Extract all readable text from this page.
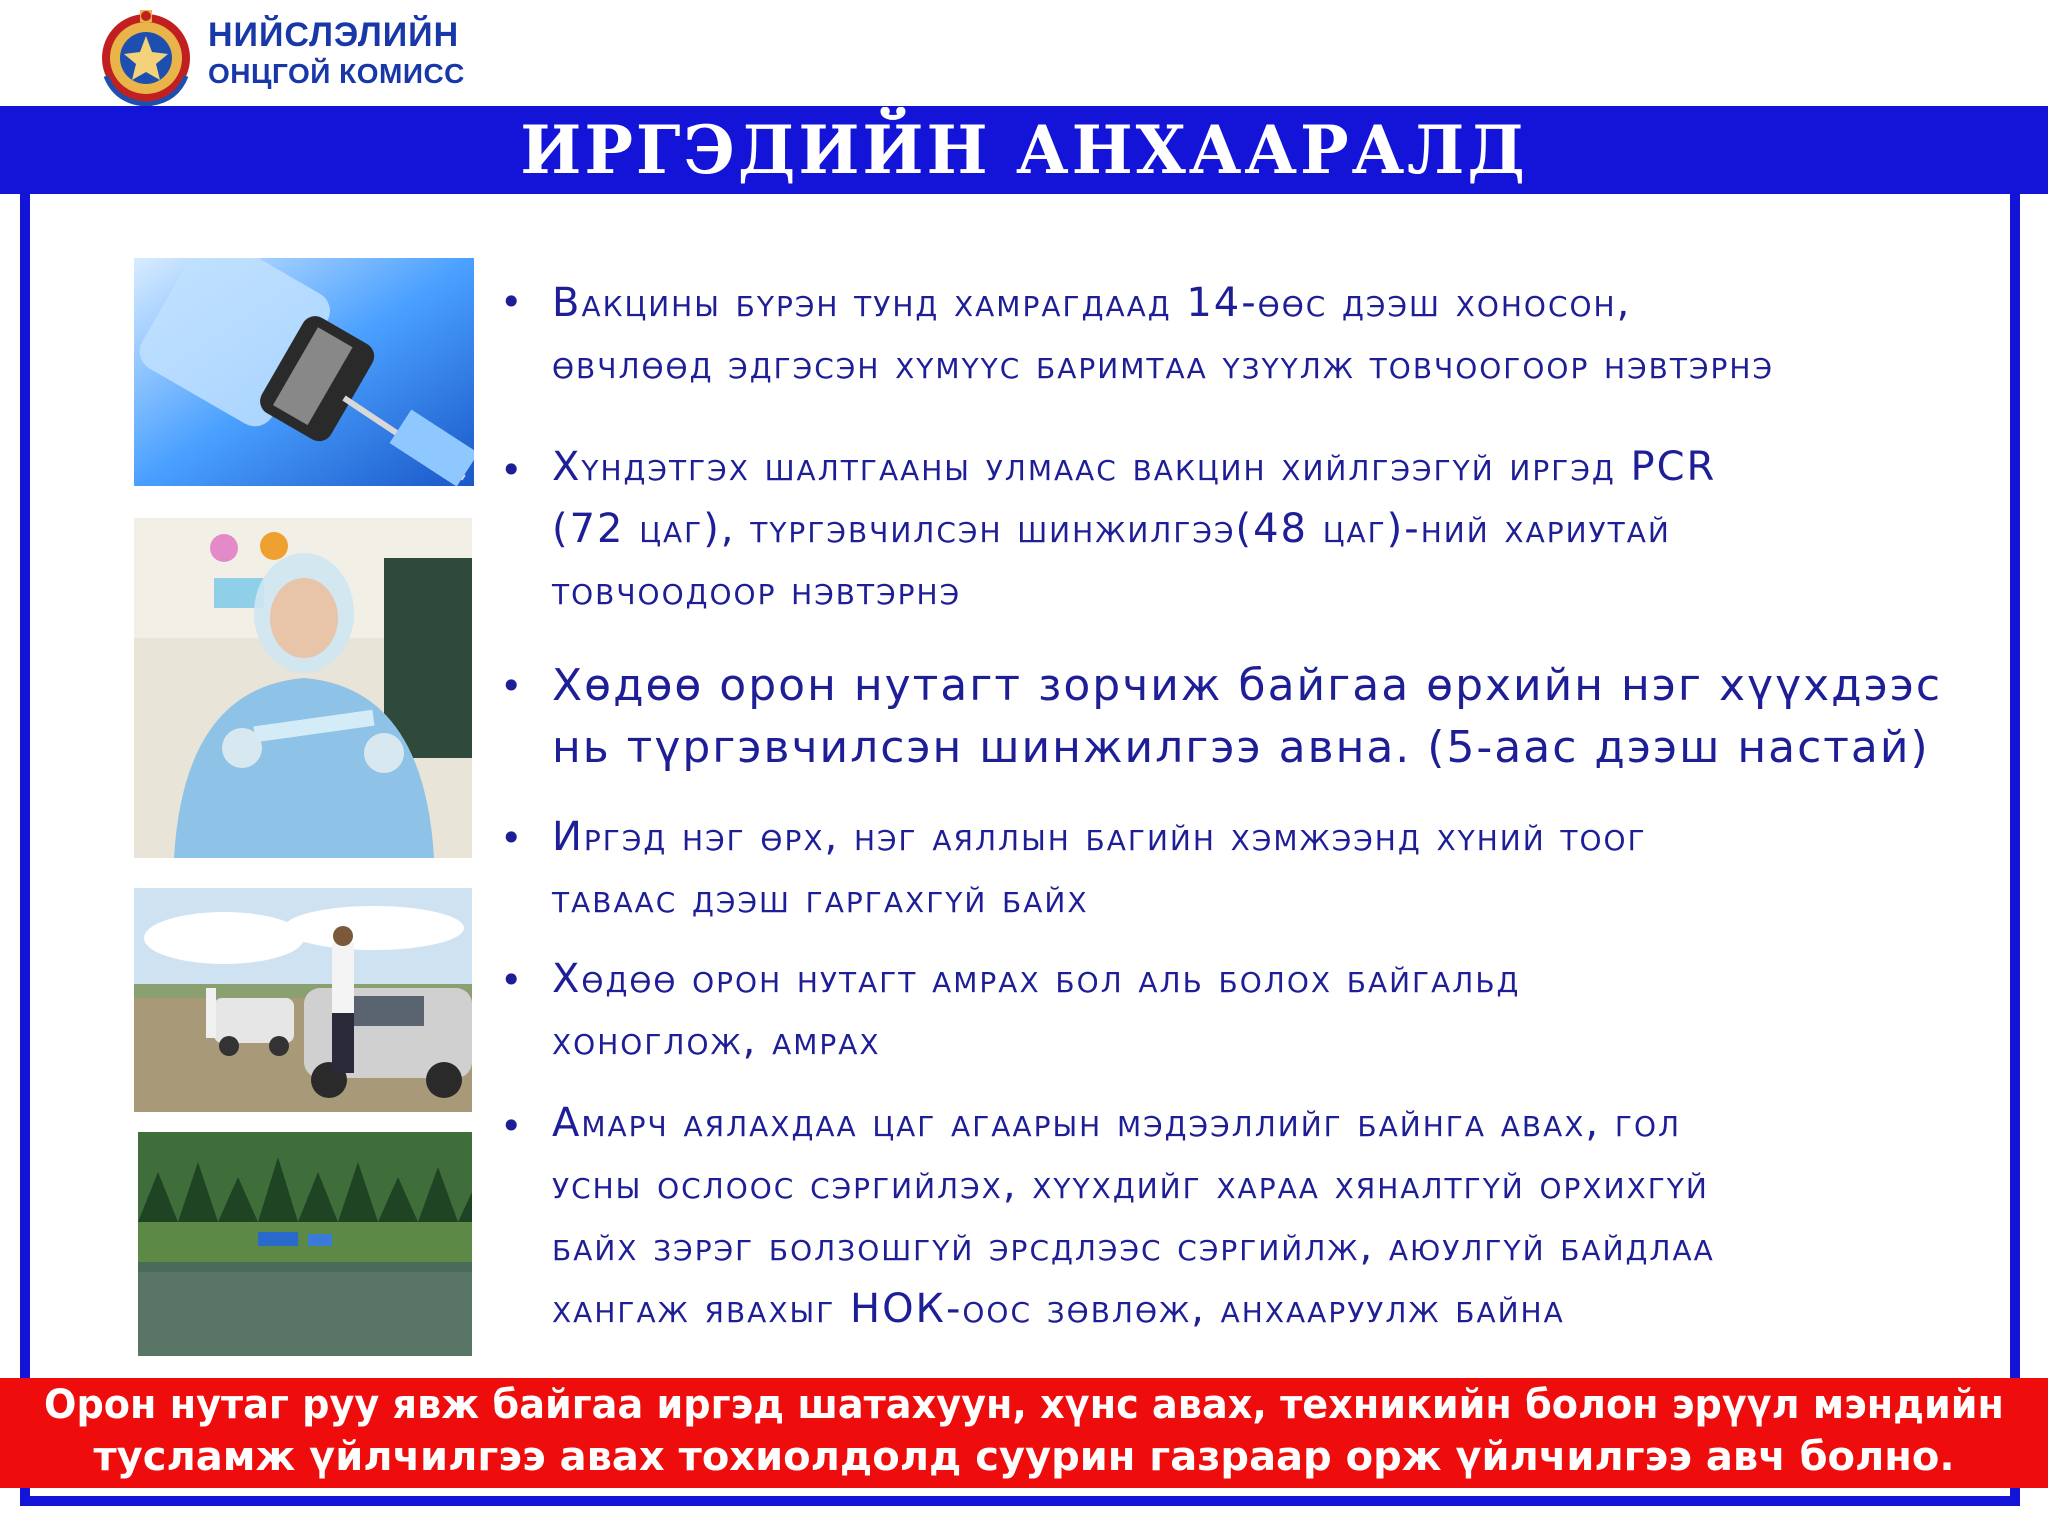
НИЙСЛЭЛИЙН
ОНЦГОЙ КОМИСС
ИРГЭДИЙН АНХААРАЛД
• Вакцины бүрэн тунд хамрагдаад 14-өөс дээш хоносон,
өвчлөөд эдгэсэн хүмүүс баримтаа үзүүлж товчоогоор нэвтэрнэ
• Хүндэтгэх шалтгааны улмаас вакцин хийлгээгүй иргэд PCR
(72 цаг), түргэвчилсэн шинжилгээ(48 цаг)-ний хариутай
товчоодоор нэвтэрнэ
• Хөдөө орон нутагт зорчиж байгаа өрхийн нэг хүүхдээс
нь түргэвчилсэн шинжилгээ авна. (5-аас дээш настай)
• Иргэд нэг өрх, нэг аяллын багийн хэмжээнд хүний тоог
таваас дээш гаргахгүй байх
• Хөдөө орон нутагт амрах бол аль болох байгальд
хоноглож, амрах
• Амарч аялахдаа цаг агаарын мэдээллийг байнга авах, гол
усны ослоос сэргийлэх, хүүхдийг хараа хяналтгүй орхихгүй
байх зэрэг болзошгүй эрсдлээс сэргийлж, аюулгүй байдлаа
хангаж явахыг НОК-оос зөвлөж, анхааруулж байна
Орон нутаг руу явж байгаа иргэд шатахуун, хүнс авах, техникийн болон эрүүл мэндийн
тусламж үйлчилгээ авах тохиолдолд суурин газраар орж үйлчилгээ авч болно.
